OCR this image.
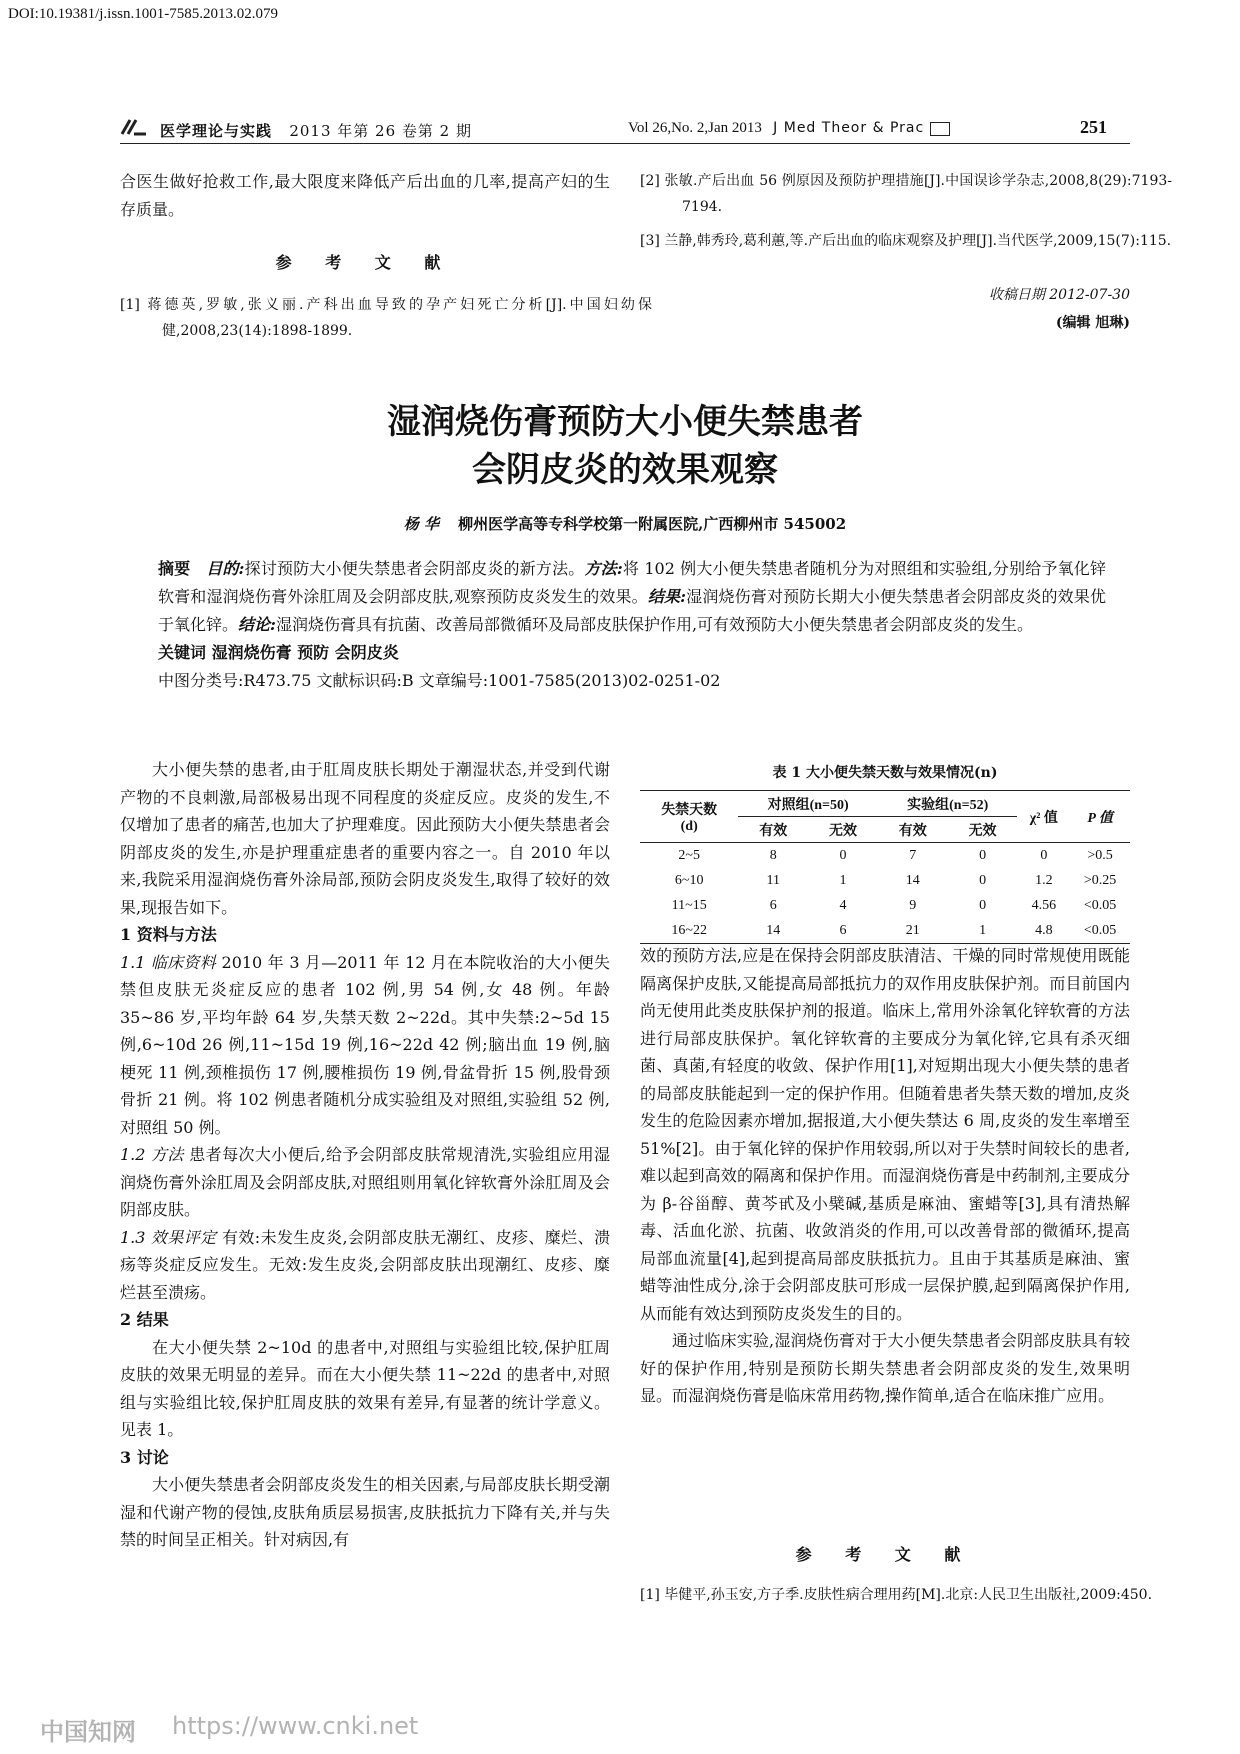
DOI:10.19381/j.issn.1001-7585.2013.02.079
医学理论与实践 2013 年第 26 卷第 2 期	Vol 26,No. 2,Jan 2013 J Med Theor & Prac	251
合医生做好抢救工作,最大限度来降低产后出血的几率,提高产妇的生存质量。
参 考 文 献
[1] 蒋德英,罗敏,张义丽.产科出血导致的孕产妇死亡分析[J].中国妇幼保健,2008,23(14):1898-1899.
[2] 张敏.产后出血 56 例原因及预防护理措施[J].中国误诊学杂志,2008,8(29):7193-7194.
[3] 兰静,韩秀玲,葛利蕙,等.产后出血的临床观察及护理[J].当代医学,2009,15(7):115.
收稿日期 2012-07-30
(编辑 旭琳)
湿润烧伤膏预防大小便失禁患者
会阴皮炎的效果观察
杨 华 柳州医学高等专科学校第一附属医院,广西柳州市 545002

摘要 目的:探讨预防大小便失禁患者会阴部皮炎的新方法。方法:将 102 例大小便失禁患者随机分为对照组和实验组,分别给予氧化锌软膏和湿润烧伤膏外涂肛周及会阴部皮肤,观察预防皮炎发生的效果。结果:湿润烧伤膏对预防长期大小便失禁患者会阴部皮炎的效果优于氧化锌。结论:湿润烧伤膏具有抗菌、改善局部微循环及局部皮肤保护作用,可有效预防大小便失禁患者会阴部皮炎的发生。

关键词 湿润烧伤膏 预防 会阴皮炎

中图分类号:R473.75 文献标识码:B 文章编号:1001-7585(2013)02-0251-02

大小便失禁的患者,由于肛周皮肤长期处于潮湿状态,并受到代谢产物的不良刺激,局部极易出现不同程度的炎症反应。皮炎的发生,不仅增加了患者的痛苦,也加大了护理难度。因此预防大小便失禁患者会阴部皮炎的发生,亦是护理重症患者的重要内容之一。自 2010 年以来,我院采用湿润烧伤膏外涂局部,预防会阴皮炎发生,取得了较好的效果,现报告如下。

1 资料与方法

1.1 临床资料 2010 年 3 月—2011 年 12 月在本院收治的大小便失禁但皮肤无炎症反应的患者 102 例,男 54 例,女 48 例。年龄 35~86 岁,平均年龄 64 岁,失禁天数 2~22d。其中失禁:2~5d 15 例,6~10d 26 例,11~15d 19 例,16~22d 42 例;脑出血 19 例,脑梗死 11 例,颈椎损伤 17 例,腰椎损伤 19 例,骨盆骨折 15 例,股骨颈骨折 21 例。将 102 例患者随机分成实验组及对照组,实验组 52 例,对照组 50 例。

1.2 方法 患者每次大小便后,给予会阴部皮肤常规清洗,实验组应用湿润烧伤膏外涂肛周及会阴部皮肤,对照组则用氧化锌软膏外涂肛周及会阴部皮肤。

1.3 效果评定 有效:未发生皮炎,会阴部皮肤无潮红、皮疹、糜烂、溃疡等炎症反应发生。无效:发生皮炎,会阴部皮肤出现潮红、皮疹、糜烂甚至溃疡。

2 结果

在大小便失禁 2~10d 的患者中,对照组与实验组比较,保护肛周皮肤的效果无明显的差异。而在大小便失禁 11~22d 的患者中,对照组与实验组比较,保护肛周皮肤的效果有差异,有显著的统计学意义。见表 1。

3 讨论

大小便失禁患者会阴部皮炎发生的相关因素,与局部皮肤长期受潮湿和代谢产物的侵蚀,皮肤角质层易损害,皮肤抵抗力下降有关,并与失禁的时间呈正相关。针对病因,有

表 1 大小便失禁天数与效果情况(n)
失禁天数
(d)	对照组(n=50)		实验组(n=52)		χ² 值	P 值
	有效	无效	有效	无效		
2~5	8	0	7	0	0	>0.5
6~10	11	1	14	0	1.2	>0.25
11~15	6	4	9	0	4.56	<0.05
16~22	14	6	21	1	4.8	<0.05

效的预防方法,应是在保持会阴部皮肤清洁、干燥的同时常规使用既能隔离保护皮肤,又能提高局部抵抗力的双作用皮肤保护剂。而目前国内尚无使用此类皮肤保护剂的报道。临床上,常用外涂氧化锌软膏的方法进行局部皮肤保护。氧化锌软膏的主要成分为氧化锌,它具有杀灭细菌、真菌,有轻度的收敛、保护作用[1],对短期出现大小便失禁的患者的局部皮肤能起到一定的保护作用。但随着患者失禁天数的增加,皮炎发生的危险因素亦增加,据报道,大小便失禁达 6 周,皮炎的发生率增至 51%[2]。由于氧化锌的保护作用较弱,所以对于失禁时间较长的患者,难以起到高效的隔离和保护作用。而湿润烧伤膏是中药制剂,主要成分为 β-谷甾醇、黄芩甙及小檗碱,基质是麻油、蜜蜡等[3],具有清热解毒、活血化淤、抗菌、收敛消炎的作用,可以改善骨部的微循环,提高局部血流量[4],起到提高局部皮肤抵抗力。且由于其基质是麻油、蜜蜡等油性成分,涂于会阴部皮肤可形成一层保护膜,起到隔离保护作用,从而能有效达到预防皮炎发生的目的。

通过临床实验,湿润烧伤膏对于大小便失禁患者会阴部皮肤具有较好的保护作用,特别是预防长期失禁患者会阴部皮炎的发生,效果明显。而湿润烧伤膏是临床常用药物,操作简单,适合在临床推广应用。

参 考 文 献
[1] 毕健平,孙玉安,方子季.皮肤性病合理用药[M].北京:人民卫生出版社,2009:450.
中国知网 https://www.cnki.net
